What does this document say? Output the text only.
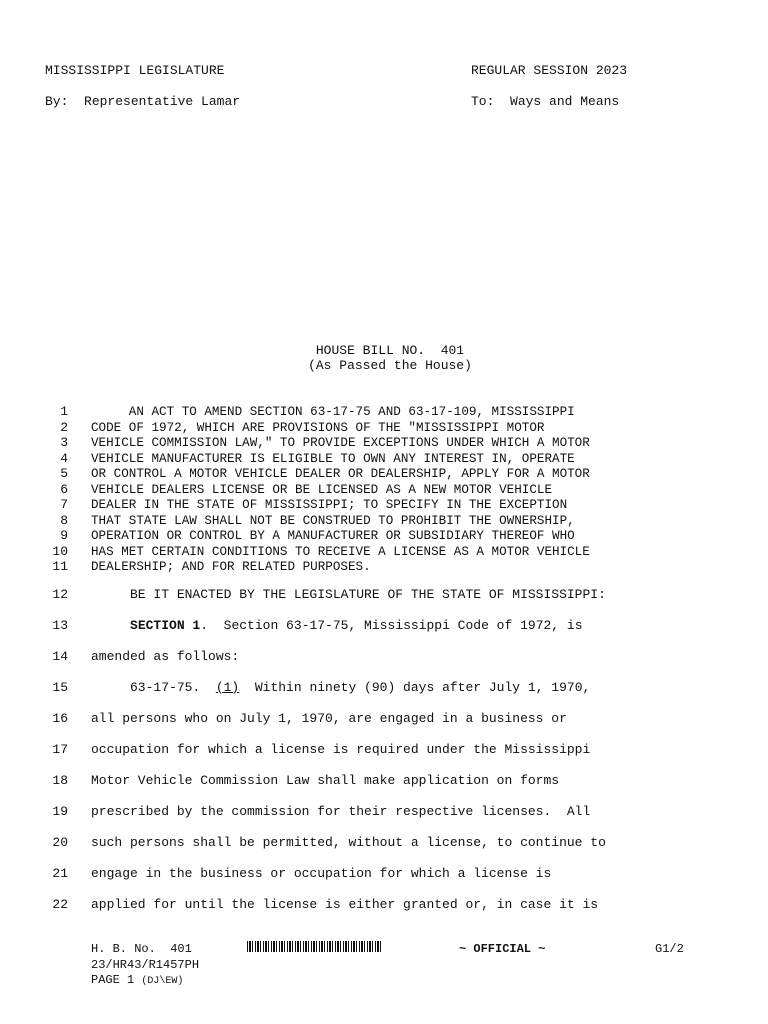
MISSISSIPPI LEGISLATURE	REGULAR SESSION 2023
By: Representative Lamar	To: Ways and Means
HOUSE BILL NO.  401
(As Passed the House)
1 AN ACT TO AMEND SECTION 63-17-75 AND 63-17-109, MISSISSIPPI
2 CODE OF 1972, WHICH ARE PROVISIONS OF THE "MISSISSIPPI MOTOR
3 VEHICLE COMMISSION LAW," TO PROVIDE EXCEPTIONS UNDER WHICH A MOTOR
4 VEHICLE MANUFACTURER IS ELIGIBLE TO OWN ANY INTEREST IN, OPERATE
5 OR CONTROL A MOTOR VEHICLE DEALER OR DEALERSHIP, APPLY FOR A MOTOR
6 VEHICLE DEALERS LICENSE OR BE LICENSED AS A NEW MOTOR VEHICLE
7 DEALER IN THE STATE OF MISSISSIPPI; TO SPECIFY IN THE EXCEPTION
8 THAT STATE LAW SHALL NOT BE CONSTRUED TO PROHIBIT THE OWNERSHIP,
9 OPERATION OR CONTROL BY A MANUFACTURER OR SUBSIDIARY THEREOF WHO
10 HAS MET CERTAIN CONDITIONS TO RECEIVE A LICENSE AS A MOTOR VEHICLE
11 DEALERSHIP; AND FOR RELATED PURPOSES.
12 BE IT ENACTED BY THE LEGISLATURE OF THE STATE OF MISSISSIPPI:
13	SECTION 1.  Section 63-17-75, Mississippi Code of 1972, is
14 amended as follows:
15 63-17-75.  (1)  Within ninety (90) days after July 1, 1970,
16 all persons who on July 1, 1970, are engaged in a business or
17 occupation for which a license is required under the Mississippi
18 Motor Vehicle Commission Law shall make application on forms
19 prescribed by the commission for their respective licenses.  All
20 such persons shall be permitted, without a license, to continue to
21 engage in the business or occupation for which a license is
22 applied for until the license is either granted or, in case it is
H. B. No.  401	~ OFFICIAL ~	G1/2
23/HR43/R1457PH
PAGE 1 (DJ\EW)
